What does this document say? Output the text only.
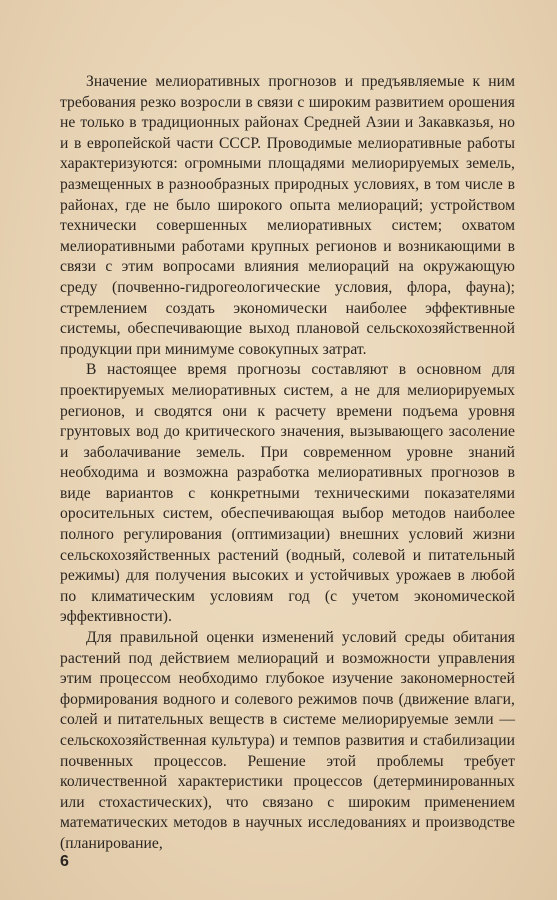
Значение мелиоративных прогнозов и предъявляемые к ним требования резко возросли в связи с широким развитием орошения не только в традиционных районах Средней Азии и Закавказья, но и в европейской части СССР. Проводимые мелиоративные работы характеризуются: огромными площадями мелиорируемых земель, размещенных в разнообразных природных условиях, в том числе в районах, где не было широкого опыта мелиораций; устройством технически совершенных мелиоративных систем; охватом мелиоративными работами крупных регионов и возникающими в связи с этим вопросами влияния мелиораций на окружающую среду (почвенно-гидрогеологические условия, флора, фауна); стремлением создать экономически наиболее эффективные системы, обеспечивающие выход плановой сельскохозяйственной продукции при минимуме совокупных затрат.

В настоящее время прогнозы составляют в основном для проектируемых мелиоративных систем, а не для мелиорируемых регионов, и сводятся они к расчету времени подъема уровня грунтовых вод до критического значения, вызывающего засоление и заболачивание земель. При современном уровне знаний необходима и возможна разработка мелиоративных прогнозов в виде вариантов с конкретными техническими показателями оросительных систем, обеспечивающая выбор методов наиболее полного регулирования (оптимизации) внешних условий жизни сельскохозяйственных растений (водный, солевой и питательный режимы) для получения высоких и устойчивых урожаев в любой по климатическим условиям год (с учетом экономической эффективности).

Для правильной оценки изменений условий среды обитания растений под действием мелиораций и возможности управления этим процессом необходимо глубокое изучение закономерностей формирования водного и солевого режимов почв (движение влаги, солей и питательных веществ в системе мелиорируемые земли — сельскохозяйственная культура) и темпов развития и стабилизации почвенных процессов. Решение этой проблемы требует количественной характеристики процессов (детерминированных или стохастических), что связано с широким применением математических методов в научных исследованиях и производстве (планирование,

6
